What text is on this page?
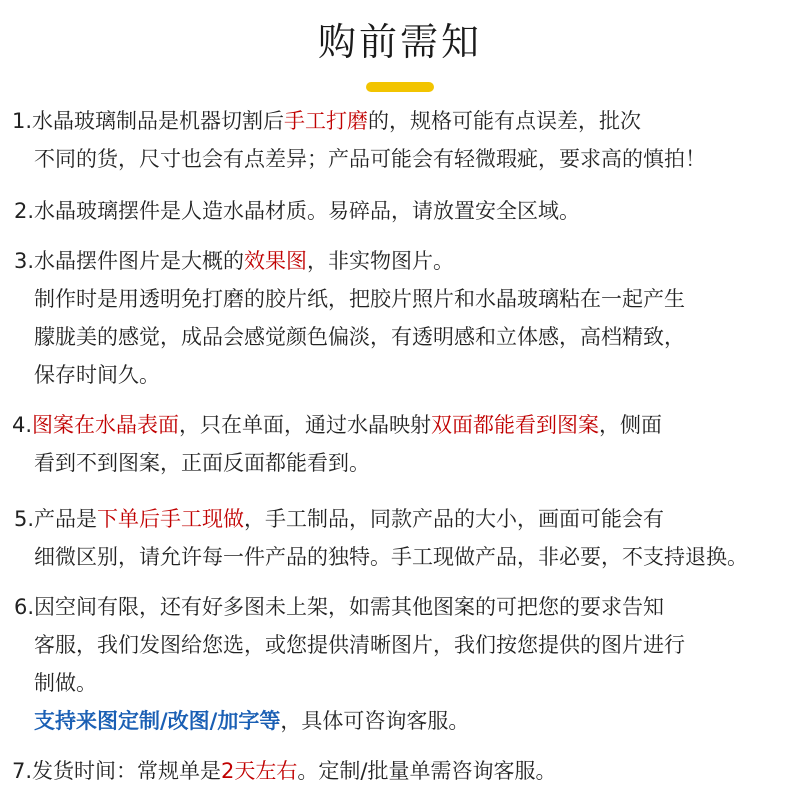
购前需知
1.水晶玻璃制品是机器切割后手工打磨的，规格可能有点误差，批次
不同的货，尺寸也会有点差异；产品可能会有轻微瑕疵，要求高的慎拍！
2.水晶玻璃摆件是人造水晶材质。易碎品，请放置安全区域。
3.水晶摆件图片是大概的效果图，非实物图片。
制作时是用透明免打磨的胶片纸，把胶片照片和水晶玻璃粘在一起产生
朦胧美的感觉，成品会感觉颜色偏淡，有透明感和立体感，高档精致，
保存时间久。
4.图案在水晶表面，只在单面，通过水晶映射双面都能看到图案，侧面
看到不到图案，正面反面都能看到。
5.产品是下单后手工现做，手工制品，同款产品的大小，画面可能会有
细微区别，请允许每一件产品的独特。手工现做产品，非必要，不支持退换。
6.因空间有限，还有好多图未上架，如需其他图案的可把您的要求告知
客服，我们发图给您选，或您提供清晰图片，我们按您提供的图片进行
制做。
支持来图定制/改图/加字等，具体可咨询客服。
7.发货时间：常规单是2天左右。定制/批量单需咨询客服。
